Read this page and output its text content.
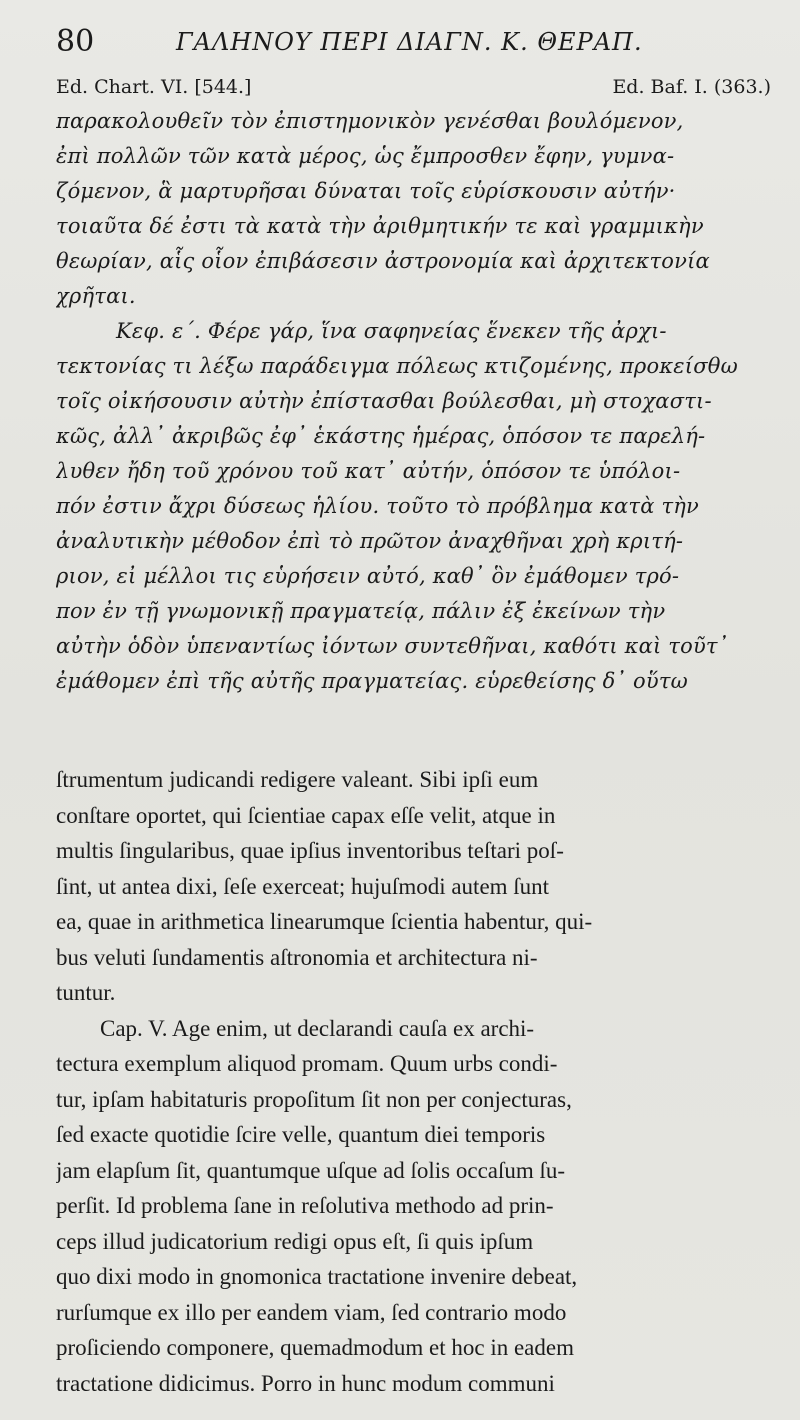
80	ΓΑΛΗΝΟΥ ΠΕΡΙ ΔΙΑΓΝ. Κ. ΘΕΡΑΠ.
Ed. Chart. VI. [544.]	Ed. Baf. I. (363.)
παρακολουθεῖν τὸν ἐπιστημονικὸν γενέσθαι βουλόμενον,
ἐπὶ πολλῶν τῶν κατὰ μέρος, ὡς ἔμπροσθεν ἔφην, γυμνα-
ζόμενον, ἃ μαρτυρῆσαι δύναται τοῖς εὑρίσκουσιν αὐτήν·
τοιαῦτα δέ ἐστι τὰ κατὰ τὴν ἀριθμητικήν τε καὶ γραμμικὴν
θεωρίαν, αἷς οἷον ἐπιβάσεσιν ἀστρονομία καὶ ἀρχιτεκτονία
χρῆται.
Κεφ. ε΄. Φέρε γάρ, ἵνα σαφηνείας ἕνεκεν τῆς ἀρχι-
τεκτονίας τι λέξω παράδειγμα πόλεως κτιζομένης, προκείσθω
τοῖς οἰκήσουσιν αὐτὴν ἐπίστασθαι βούλεσθαι, μὴ στοχαστι-
κῶς, ἀλλ᾽ ἀκριβῶς ἐφ᾽ ἑκάστης ἡμέρας, ὁπόσον τε παρελή-
λυθεν ἤδη τοῦ χρόνου τοῦ κατ᾽ αὐτήν, ὁπόσον τε ὑπόλοι-
πόν ἐστιν ἄχρι δύσεως ἡλίου. τοῦτο τὸ πρόβλημα κατὰ τὴν
ἀναλυτικὴν μέθοδον ἐπὶ τὸ πρῶτον ἀναχθῆναι χρὴ κριτή-
ριον, εἰ μέλλοι τις εὑρήσειν αὐτό, καθ᾽ ὃν ἐμάθομεν τρό-
πον ἐν τῇ γνωμονικῇ πραγματείᾳ, πάλιν ἐξ ἐκείνων τὴν
αὐτὴν ὁδὸν ὑπεναντίως ἰόντων συντεθῆναι, καθότι καὶ τοῦτ᾽
ἐμάθομεν ἐπὶ τῆς αὐτῆς πραγματείας. εὑρεθείσης δ᾽ οὕτω
ſtrumentum judicandi redigere valeant. Sibi ipſi eum
conſtare oportet, qui ſcientiae capax eſſe velit, atque in
multis ſingularibus, quae ipſius inventoribus teſtari poſ-
ſint, ut antea dixi, ſeſe exerceat; hujuſmodi autem ſunt
ea, quae in arithmetica linearumque ſcientia habentur, qui-
bus veluti ſundamentis aſtronomia et architectura ni-
tuntur.
Cap. V. Age enim, ut declarandi cauſa ex archi-
tectura exemplum aliquod promam. Quum urbs condi-
tur, ipſam habitaturis propoſitum ſit non per conjecturas,
ſed exacte quotidie ſcire velle, quantum diei temporis
jam elapſum ſit, quantumque uſque ad ſolis occaſum ſu-
perſit. Id problema ſane in reſolutiva methodo ad prin-
ceps illud judicatorium redigi opus eſt, ſi quis ipſum
quo dixi modo in gnomonica tractatione invenire debeat,
rurſumque ex illo per eandem viam, ſed contrario modo
proſiciendo componere, quemadmodum et hoc in eadem
tractatione didicimus. Porro in hunc modum communi
